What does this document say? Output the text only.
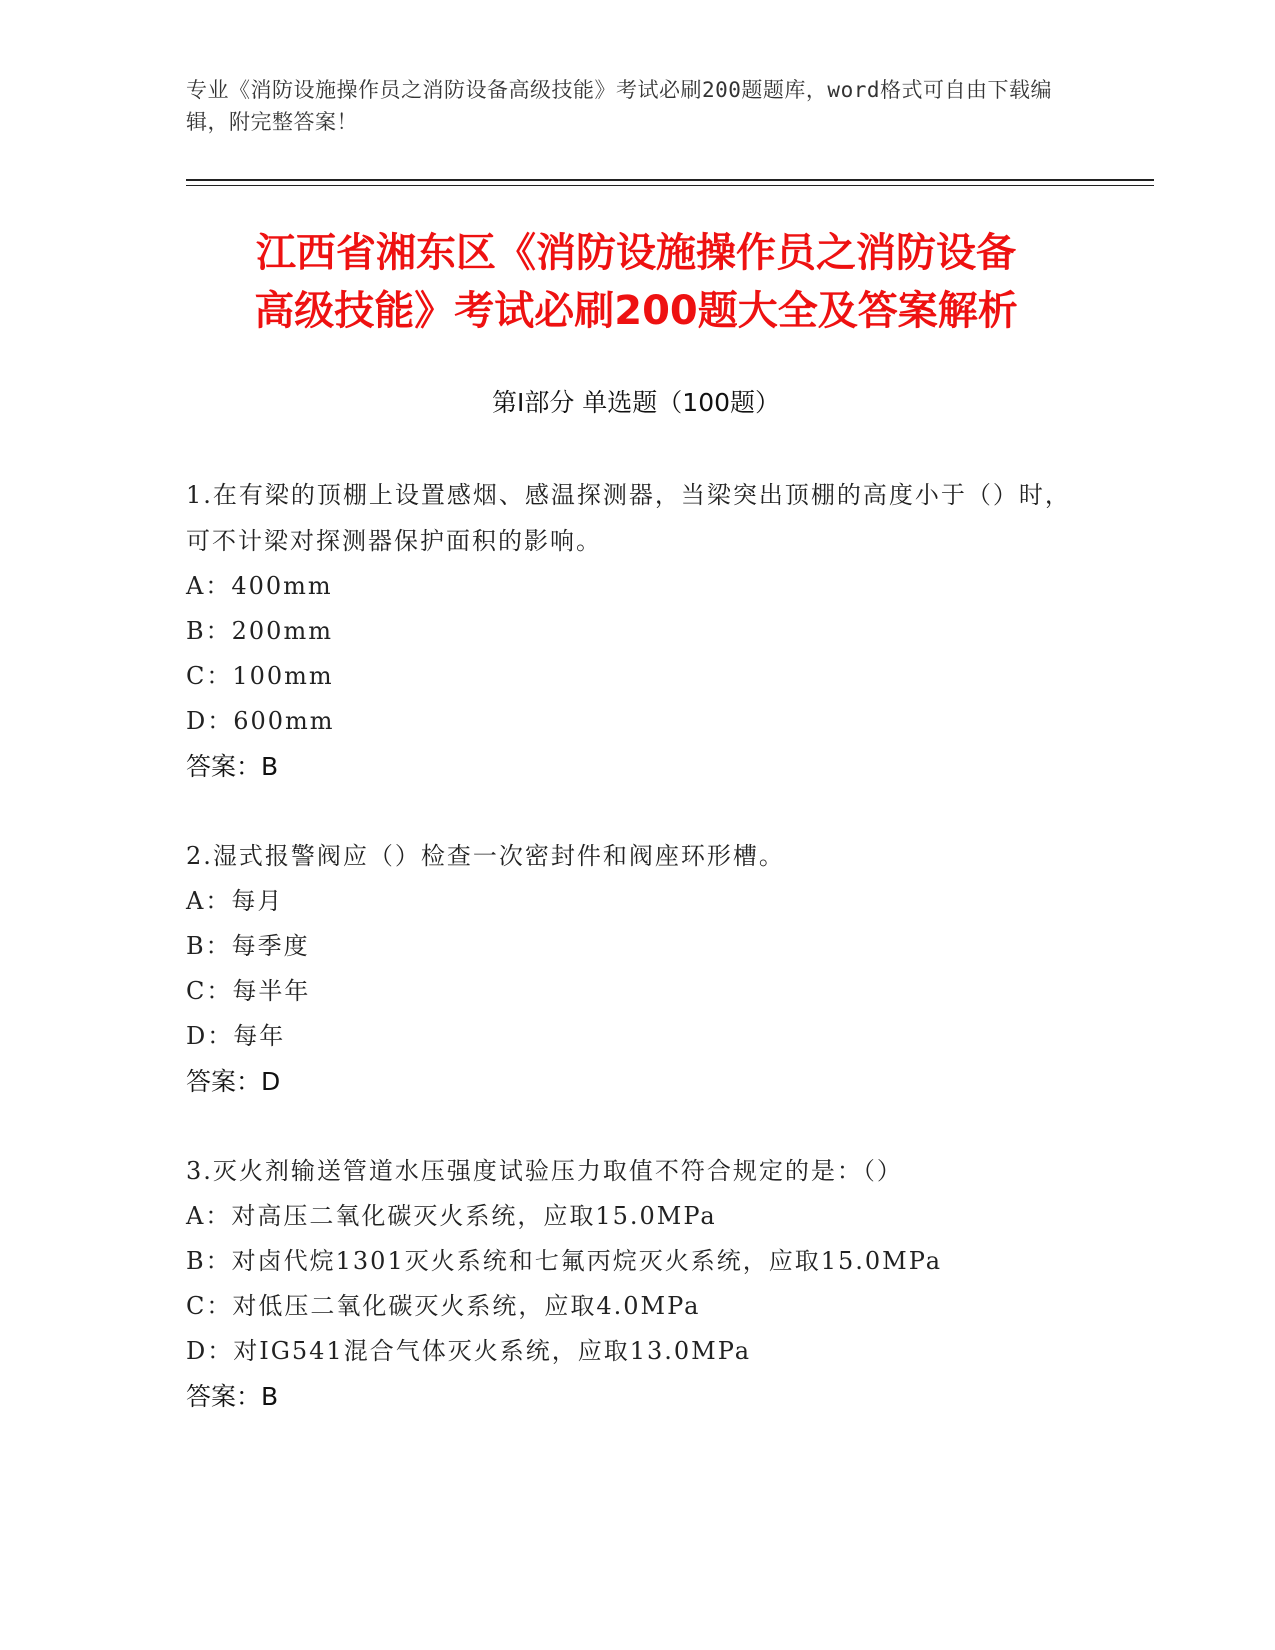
专业《消防设施操作员之消防设备高级技能》考试必刷200题题库，word格式可自由下载编辑，附完整答案！
江西省湘东区《消防设施操作员之消防设备
高级技能》考试必刷200题大全及答案解析
第Ⅰ部分 单选题（100题）
1.在有梁的顶棚上设置感烟、感温探测器，当梁突出顶棚的高度小于（）时，可不计梁对探测器保护面积的影响。
A：400mm
B：200mm
C：100mm
D：600mm
答案：B
2.湿式报警阀应（）检查一次密封件和阀座环形槽。
A：每月
B：每季度
C：每半年
D：每年
答案：D
3.灭火剂输送管道水压强度试验压力取值不符合规定的是：（）
A：对高压二氧化碳灭火系统，应取15.0MPa
B：对卤代烷1301灭火系统和七氟丙烷灭火系统，应取15.0MPa
C：对低压二氧化碳灭火系统，应取4.0MPa
D：对IG541混合气体灭火系统，应取13.0MPa
答案：B
